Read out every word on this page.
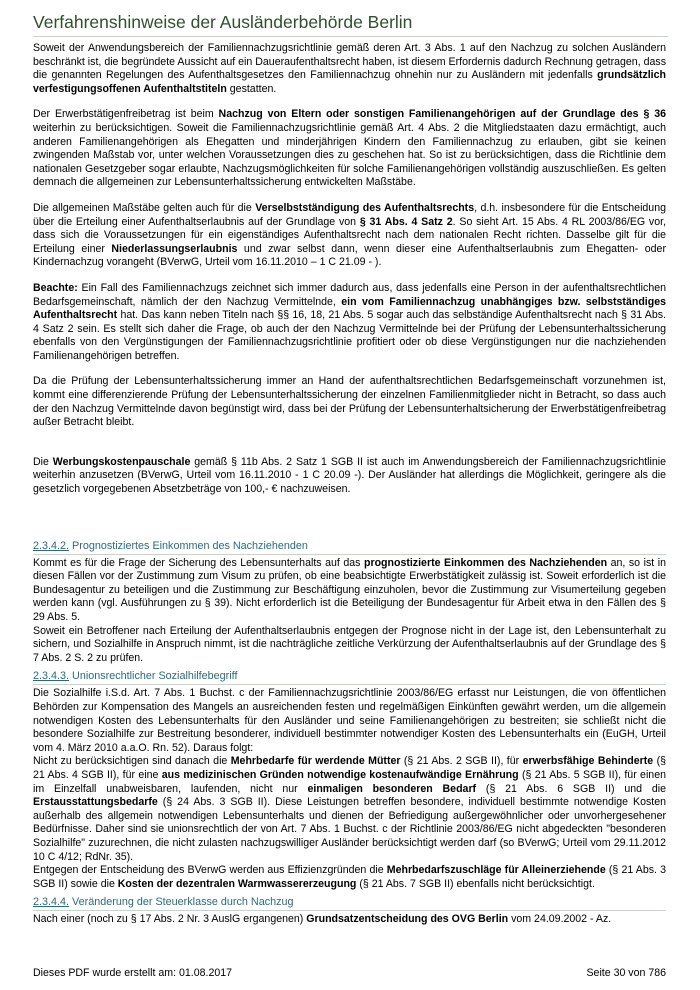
Verfahrenshinweise der Ausländerbehörde Berlin

Soweit der Anwendungsbereich der Familiennachzugsrichtlinie gemäß deren Art. 3 Abs. 1 auf den Nachzug zu solchen Ausländern beschränkt ist, die begründete Aussicht auf ein Daueraufenthaltsrecht haben, ist diesem Erfordernis dadurch Rechnung getragen, dass die genannten Regelungen des Aufenthaltsgesetzes den Familiennachzug ohnehin nur zu Ausländern mit jedenfalls grundsätzlich verfestigungsoffenen Aufenthaltstiteln gestatten.

Der Erwerbstätigenfreibetrag ist beim Nachzug von Eltern oder sonstigen Familienangehörigen auf der Grundlage des § 36 weiterhin zu berücksichtigen. Soweit die Familiennachzugsrichtlinie gemäß Art. 4 Abs. 2 die Mitgliedstaaten dazu ermächtigt, auch anderen Familienangehörigen als Ehegatten und minderjährigen Kindern den Familiennachzug zu erlauben, gibt sie keinen zwingenden Maßstab vor, unter welchen Voraussetzungen dies zu geschehen hat. So ist zu berücksichtigen, dass die Richtlinie dem nationalen Gesetzgeber sogar erlaubte, Nachzugsmöglichkeiten für solche Familienangehörigen vollständig auszuschließen. Es gelten demnach die allgemeinen zur Lebensunterhaltssicherung entwickelten Maßstäbe.

Die allgemeinen Maßstäbe gelten auch für die Verselbstständigung des Aufenthaltsrechts, d.h. insbesondere für die Entscheidung über die Erteilung einer Aufenthaltserlaubnis auf der Grundlage von § 31 Abs. 4 Satz 2. So sieht Art. 15 Abs. 4 RL 2003/86/EG vor, dass sich die Voraussetzungen für ein eigenständiges Aufenthaltsrecht nach dem nationalen Recht richten. Dasselbe gilt für die Erteilung einer Niederlassungserlaubnis und zwar selbst dann, wenn dieser eine Aufenthaltserlaubnis zum Ehegatten- oder Kindernachzug vorangeht (BVerwG, Urteil vom 16.11.2010 – 1 C 21.09 - ).

Beachte: Ein Fall des Familiennachzugs zeichnet sich immer dadurch aus, dass jedenfalls eine Person in der aufenthaltsrechtlichen Bedarfsgemeinschaft, nämlich der den Nachzug Vermittelnde, ein vom Familiennachzug unabhängiges bzw. selbstständiges Aufenthaltsrecht hat. Das kann neben Titeln nach §§ 16, 18, 21 Abs. 5 sogar auch das selbständige Aufenthaltsrecht nach § 31 Abs. 4 Satz 2 sein. Es stellt sich daher die Frage, ob auch der den Nachzug Vermittelnde bei der Prüfung der Lebensunterhaltssicherung ebenfalls von den Vergünstigungen der Familiennachzugsrichtlinie profitiert oder ob diese Vergünstigungen nur die nachziehenden Familienangehörigen betreffen.

Da die Prüfung der Lebensunterhaltssicherung immer an Hand der aufenthaltsrechtlichen Bedarfsgemeinschaft vorzunehmen ist, kommt eine differenzierende Prüfung der Lebensunterhaltssicherung der einzelnen Familienmitglieder nicht in Betracht, so dass auch der den Nachzug Vermittelnde davon begünstigt wird, dass bei der Prüfung der Lebensunterhaltsicherung der Erwerbstätigenfreibetrag außer Betracht bleibt.

Die Werbungskostenpauschale gemäß § 11b Abs. 2 Satz 1 SGB II ist auch im Anwendungsbereich der Familiennachzugsrichtlinie weiterhin anzusetzen (BVerwG, Urteil vom 16.11.2010 - 1 C 20.09 -). Der Ausländer hat allerdings die Möglichkeit, geringere als die gesetzlich vorgegebenen Absetzbeträge von 100,- € nachzuweisen.

2.3.4.2. Prognostiziertes Einkommen des Nachziehenden

Kommt es für die Frage der Sicherung des Lebensunterhalts auf das prognostizierte Einkommen des Nachziehenden an, so ist in diesen Fällen vor der Zustimmung zum Visum zu prüfen, ob eine beabsichtigte Erwerbstätigkeit zulässig ist. Soweit erforderlich ist die Bundesagentur zu beteiligen und die Zustimmung zur Beschäftigung einzuholen, bevor die Zustimmung zur Visumerteilung gegeben werden kann (vgl. Ausführungen zu § 39). Nicht erforderlich ist die Beteiligung der Bundesagentur für Arbeit etwa in den Fällen des § 29 Abs. 5.

Soweit ein Betroffener nach Erteilung der Aufenthaltserlaubnis entgegen der Prognose nicht in der Lage ist, den Lebensunterhalt zu sichern, und Sozialhilfe in Anspruch nimmt, ist die nachträgliche zeitliche Verkürzung der Aufenthaltserlaubnis auf der Grundlage des § 7 Abs. 2 S. 2 zu prüfen.

2.3.4.3. Unionsrechtlicher Sozialhilfebegriff

Die Sozialhilfe i.S.d. Art. 7 Abs. 1 Buchst. c der Familiennachzugsrichtlinie 2003/86/EG erfasst nur Leistungen, die von öffentlichen Behörden zur Kompensation des Mangels an ausreichenden festen und regelmäßigen Einkünften gewährt werden, um die allgemein notwendigen Kosten des Lebensunterhalts für den Ausländer und seine Familienangehörigen zu bestreiten; sie schließt nicht die besondere Sozialhilfe zur Bestreitung besonderer, individuell bestimmter notwendiger Kosten des Lebensunterhalts ein (EuGH, Urteil vom 4. März 2010 a.a.O. Rn. 52). Daraus folgt:

Nicht zu berücksichtigen sind danach die Mehrbedarfe für werdende Mütter (§ 21 Abs. 2 SGB II), für erwerbsfähige Behinderte (§ 21 Abs. 4 SGB II), für eine aus medizinischen Gründen notwendige kostenaufwändige Ernährung (§ 21 Abs. 5 SGB II), für einen im Einzelfall unabweisbaren, laufenden, nicht nur einmaligen besonderen Bedarf (§ 21 Abs. 6 SGB II) und die Erstausstattungsbedarfe (§ 24 Abs. 3 SGB II). Diese Leistungen betreffen besondere, individuell bestimmte notwendige Kosten außerhalb des allgemein notwendigen Lebensunterhalts und dienen der Befriedigung außergewöhnlicher oder unvorhergesehener Bedürfnisse. Daher sind sie unionsrechtlich der von Art. 7 Abs. 1 Buchst. c der Richtlinie 2003/86/EG nicht abgedeckten "besonderen Sozialhilfe" zuzurechnen, die nicht zulasten nachzugswilliger Ausländer berücksichtigt werden darf (so BVerwG; Urteil vom 29.11.2012 10 C 4/12; RdNr. 35).

Entgegen der Entscheidung des BVerwG werden aus Effizienzgründen die Mehrbedarfszuschläge für Alleinerziehende (§ 21 Abs. 3 SGB II) sowie die Kosten der dezentralen Warmwassererzeugung (§ 21 Abs. 7 SGB II) ebenfalls nicht berücksichtigt.

2.3.4.4. Veränderung der Steuerklasse durch Nachzug

Nach einer (noch zu § 17 Abs. 2 Nr. 3 AuslG ergangenen) Grundsatzentscheidung des OVG Berlin vom 24.09.2002 - Az.

Dieses PDF wurde erstellt am: 01.08.2017	Seite 30 von 786
